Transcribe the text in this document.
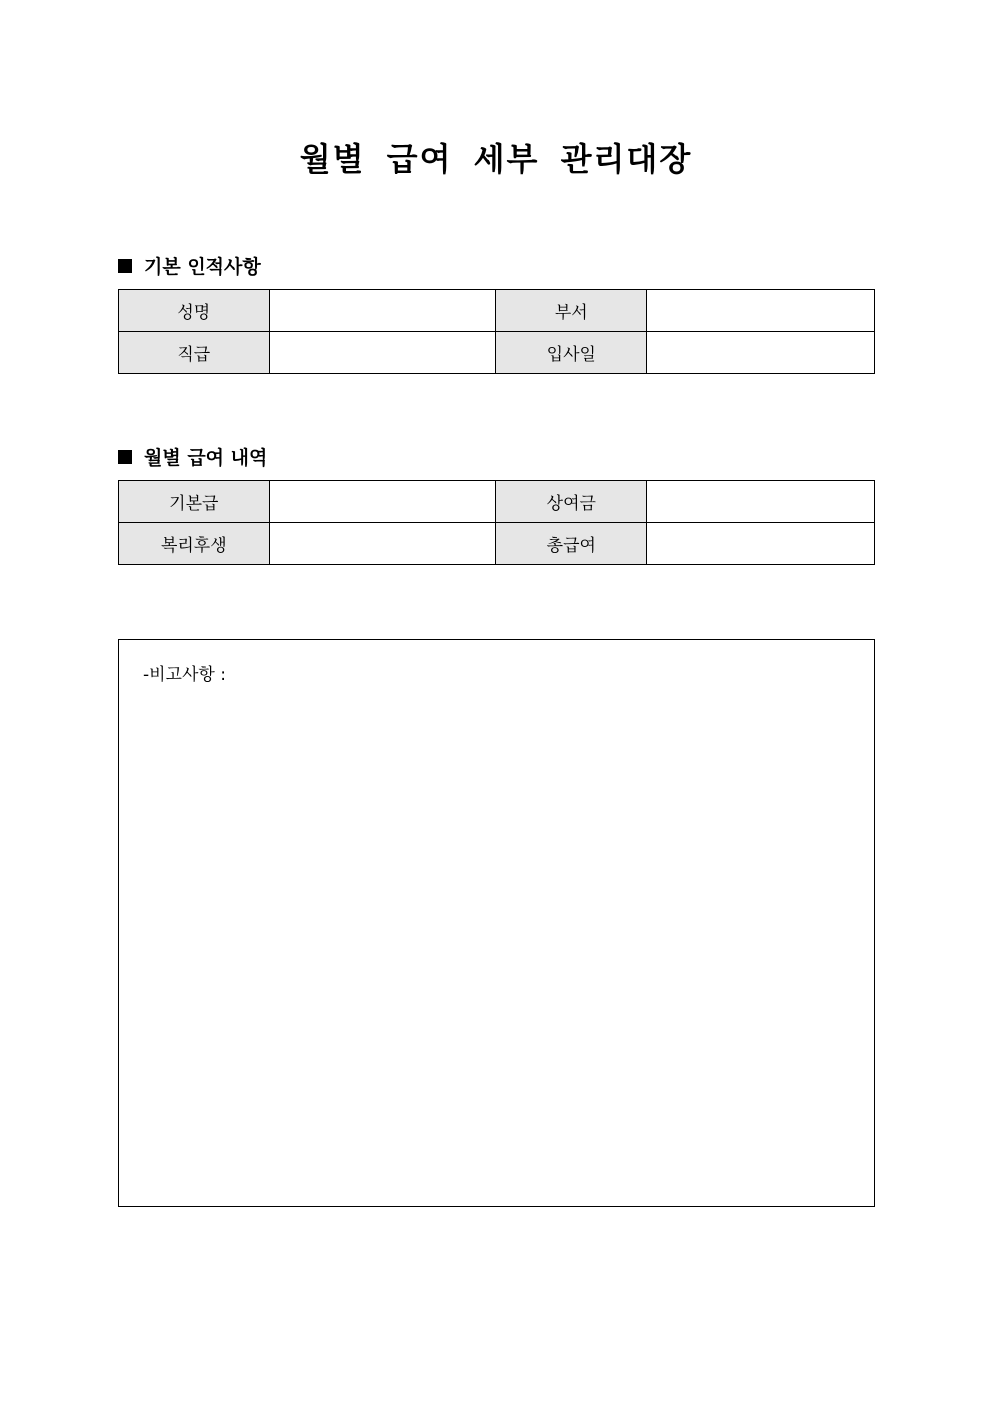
월별 급여 세부 관리대장
기본 인적사항
성명		부서	
직급		입사일	
월별 급여 내역
기본급		상여금	
복리후생		총급여	
-비고사항 :
